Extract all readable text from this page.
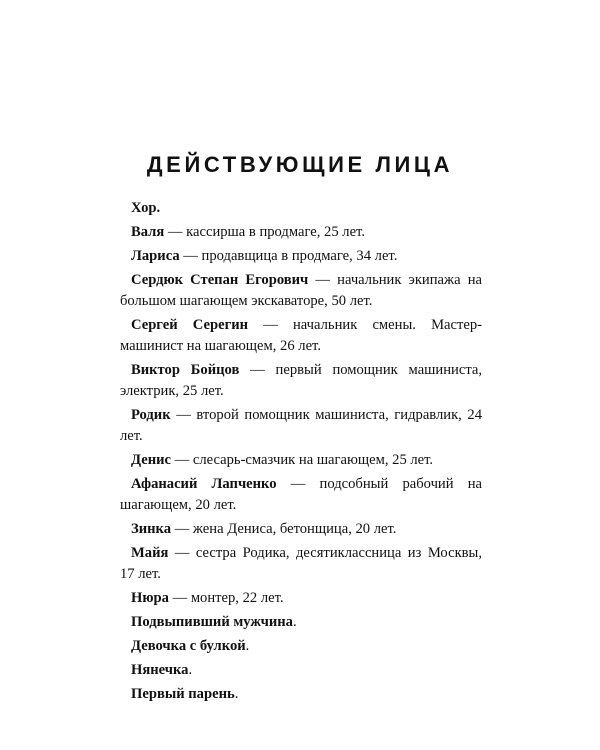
ДЕЙСТВУЮЩИЕ ЛИЦА
Хор.
Валя — кассирша в продмаге, 25 лет.
Лариса — продавщица в продмаге, 34 лет.
Сердюк Степан Егорович — начальник экипажа на большом шагающем экскаваторе, 50 лет.
Сергей Серегин — начальник смены. Мастер-машинист на шагающем, 26 лет.
Виктор Бойцов — первый помощник машиниста, электрик, 25 лет.
Родик — второй помощник машиниста, гидравлик, 24 лет.
Денис — слесарь-смазчик на шагающем, 25 лет.
Афанасий Лапченко — подсобный рабочий на шагающем, 20 лет.
Зинка — жена Дениса, бетонщица, 20 лет.
Майя — сестра Родика, десятиклассница из Москвы, 17 лет.
Нюра — монтер, 22 лет.
Подвыпивший мужчина.
Девочка с булкой.
Нянечка.
Первый парень.
